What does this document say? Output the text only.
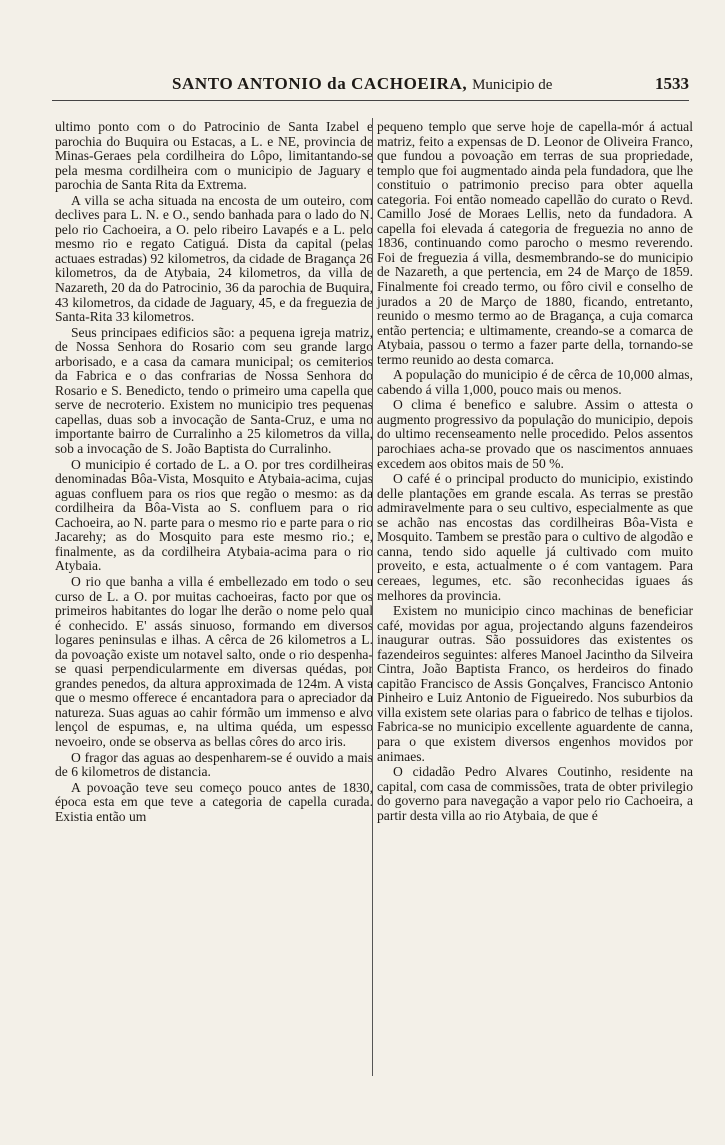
SANTO ANTONIO da CACHOEIRA, Municipio de	1533

ultimo ponto com o do Patrocinio de Santa Izabel e parochia do Buquira ou Estacas, a L. e NE, provincia de Minas-Geraes pela cordilheira do Lôpo, limitantando-se pela mesma cordilheira com o municipio de Jaguary e parochia de Santa Rita da Extrema.

A villa se acha situada na encosta de um outeiro, com declives para L. N. e O., sendo banhada para o lado do N. pelo rio Cachoeira, a O. pelo ribeiro Lavapés e a L. pelo mesmo rio e regato Catiguá. Dista da capital (pelas actuaes estradas) 92 kilometros, da cidade de Bragança 26 kilometros, da de Atybaia, 24 kilometros, da villa de Nazareth, 20 da do Patrocinio, 36 da parochia de Buquira, 43 kilometros, da cidade de Jaguary, 45, e da freguezia de Santa-Rita 33 kilometros.

Seus principaes edificios são: a pequena igreja matriz, de Nossa Senhora do Rosario com seu grande largo arborisado, e a casa da camara municipal; os cemiterios da Fabrica e o das confrarias de Nossa Senhora do Rosario e S. Benedicto, tendo o primeiro uma capella que serve de necroterio. Existem no municipio tres pequenas capellas, duas sob a invocação de Santa-Cruz, e uma no importante bairro de Curralinho a 25 kilometros da villa, sob a invocação de S. João Baptista do Curralinho.

O municipio é cortado de L. a O. por tres cordilheiras denominadas Bôa-Vista, Mosquito e Atybaia-acima, cujas aguas confluem para os rios que regão o mesmo: as da cordilheira da Bôa-Vista ao S. confluem para o rio Cachoeira, ao N. parte para o mesmo rio e parte para o rio Jacarehy; as do Mosquito para este mesmo rio.; e, finalmente, as da cordilheira Atybaia-acima para o rio Atybaia.

O rio que banha a villa é embellezado em todo o seu curso de L. a O. por muitas cachoeiras, facto por que os primeiros habitantes do logar lhe derão o nome pelo qual é conhecido. E' assás sinuoso, formando em diversos logares peninsulas e ilhas. A cêrca de 26 kilometros a L. da povoação existe um notavel salto, onde o rio despenha-se quasi perpendicularmente em diversas quédas, por grandes penedos, da altura approximada de 124m. A vista que o mesmo offerece é encantadora para o apreciador da natureza. Suas aguas ao cahir fórmão um immenso e alvo lençol de espumas, e, na ultima quéda, um espesso nevoeiro, onde se observa as bellas côres do arco iris.

O fragor das aguas ao despenharem-se é ouvido a mais de 6 kilometros de distancia.

A povoação teve seu começo pouco antes de 1830, época esta em que teve a categoria de capella curada. Existia então um

pequeno templo que serve hoje de capella-mór á actual matriz, feito a expensas de D. Leonor de Oliveira Franco, que fundou a povoação em terras de sua propriedade, templo que foi augmentado ainda pela fundadora, que lhe constituio o patrimonio preciso para obter aquella categoria. Foi então nomeado capellão do curato o Revd. Camillo José de Moraes Lellis, neto da fundadora. A capella foi elevada á categoria de freguezia no anno de 1836, continuando como parocho o mesmo reverendo. Foi de freguezia á villa, desmembrando-se do municipio de Nazareth, a que pertencia, em 24 de Março de 1859. Finalmente foi creado termo, ou fôro civil e conselho de jurados a 20 de Março de 1880, ficando, entretanto, reunido o mesmo termo ao de Bragança, a cuja comarca então pertencia; e ultimamente, creando-se a comarca de Atybaia, passou o termo a fazer parte della, tornando-se termo reunido ao desta comarca.

A população do municipio é de cêrca de 10,000 almas, cabendo á villa 1,000, pouco mais ou menos.

O clima é benefico e salubre. Assim o attesta o augmento progressivo da população do municipio, depois do ultimo recenseamento nelle procedido. Pelos assentos parochiaes acha-se provado que os nascimentos annuaes excedem aos obitos mais de 50 %.

O café é o principal producto do municipio, existindo delle plantações em grande escala. As terras se prestão admiravelmente para o seu cultivo, especialmente as que se achão nas encostas das cordilheiras Bôa-Vista e Mosquito. Tambem se prestão para o cultivo de algodão e canna, tendo sido aquelle já cultivado com muito proveito, e esta, actualmente o é com vantagem. Para cereaes, legumes, etc. são reconhecidas iguaes ás melhores da provincia.

Existem no municipio cinco machinas de beneficiar café, movidas por agua, projectando alguns fazendeiros inaugurar outras. São possuidores das existentes os fazendeiros seguintes: alferes Manoel Jacintho da Silveira Cintra, João Baptista Franco, os herdeiros do finado capitão Francisco de Assis Gonçalves, Francisco Antonio Pinheiro e Luiz Antonio de Figueiredo. Nos suburbios da villa existem sete olarias para o fabrico de telhas e tijolos. Fabrica-se no municipio excellente aguardente de canna, para o que existem diversos engenhos movidos por animaes.

O cidadão Pedro Alvares Coutinho, residente na capital, com casa de commissões, trata de obter privilegio do governo para navegação a vapor pelo rio Cachoeira, a partir desta villa ao rio Atybaia, de que é
